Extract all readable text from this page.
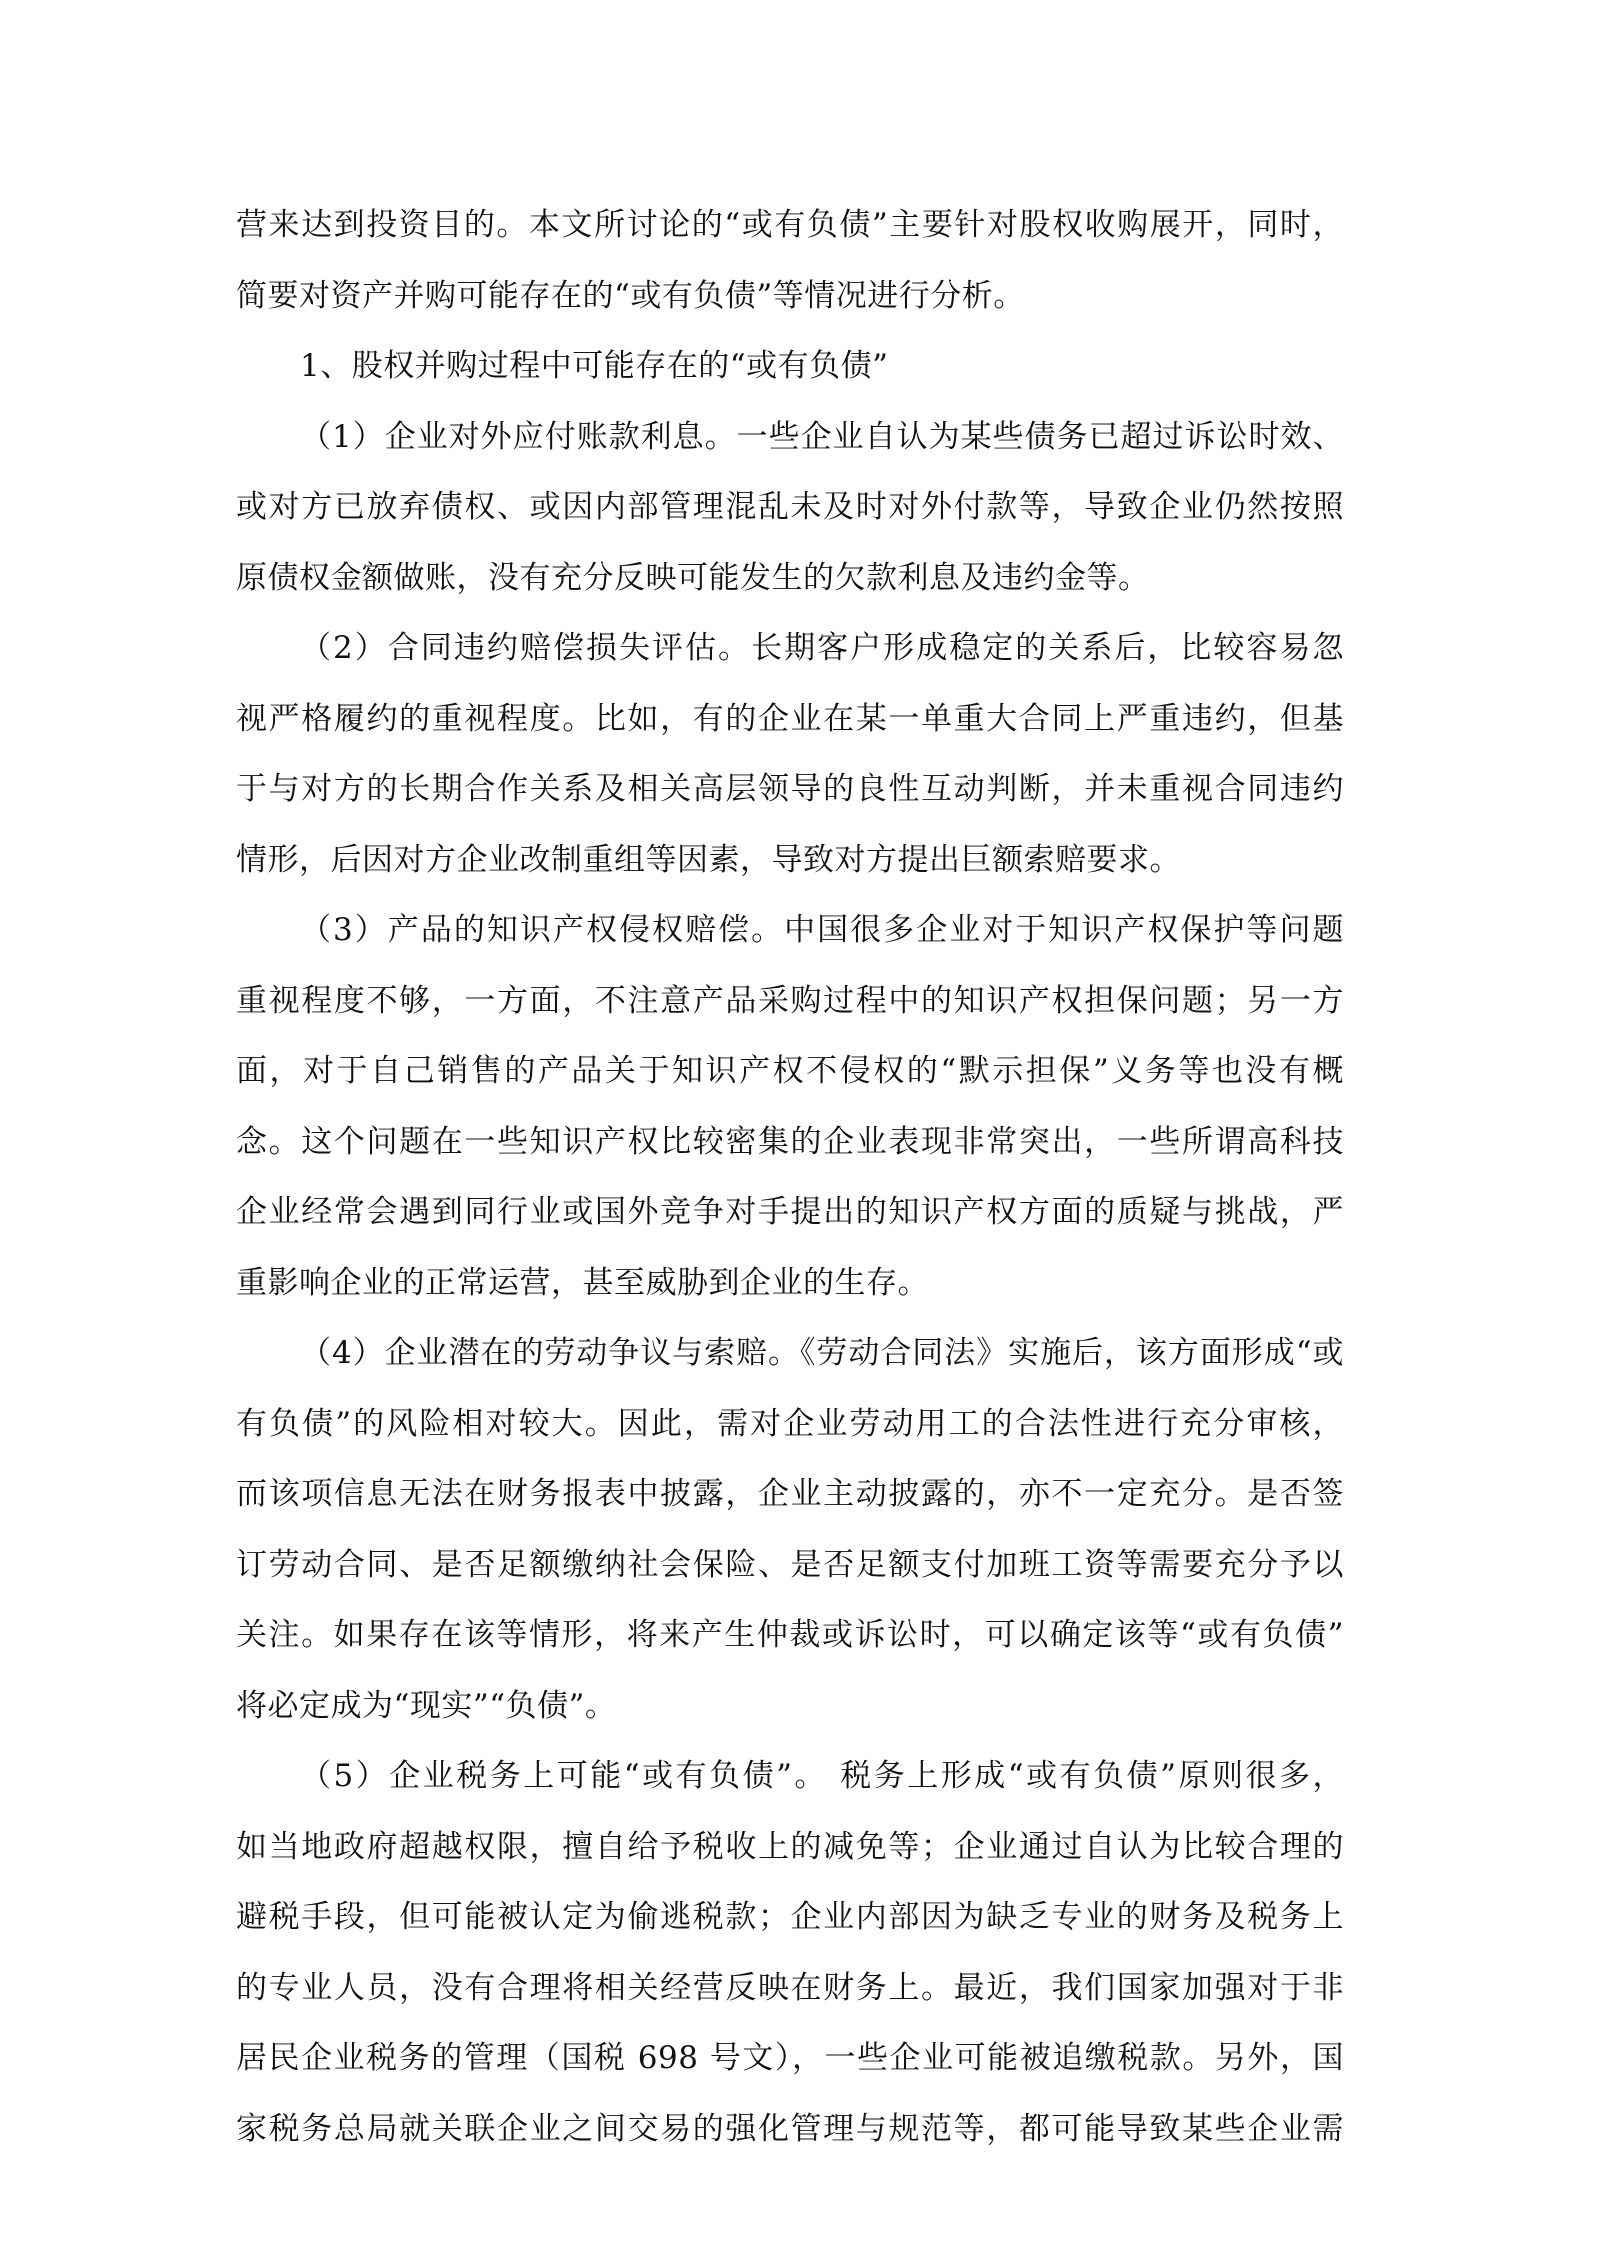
营来达到投资目的。本文所讨论的“或有负债”主要针对股权收购展开，同时，
简要对资产并购可能存在的“或有负债”等情况进行分析。
1、股权并购过程中可能存在的“或有负债”
（1）企业对外应付账款利息。一些企业自认为某些债务已超过诉讼时效、
或对方已放弃债权、或因内部管理混乱未及时对外付款等，导致企业仍然按照
原债权金额做账，没有充分反映可能发生的欠款利息及违约金等。
（2）合同违约赔偿损失评估。长期客户形成稳定的关系后，比较容易忽
视严格履约的重视程度。比如，有的企业在某一单重大合同上严重违约，但基
于与对方的长期合作关系及相关高层领导的良性互动判断，并未重视合同违约
情形，后因对方企业改制重组等因素，导致对方提出巨额索赔要求。
（3）产品的知识产权侵权赔偿。中国很多企业对于知识产权保护等问题
重视程度不够，一方面，不注意产品采购过程中的知识产权担保问题；另一方
面，对于自己销售的产品关于知识产权不侵权的“默示担保”义务等也没有概
念。这个问题在一些知识产权比较密集的企业表现非常突出，一些所谓高科技
企业经常会遇到同行业或国外竞争对手提出的知识产权方面的质疑与挑战，严
重影响企业的正常运营，甚至威胁到企业的生存。
（4）企业潜在的劳动争议与索赔。《劳动合同法》实施后，该方面形成“或
有负债”的风险相对较大。因此，需对企业劳动用工的合法性进行充分审核，
而该项信息无法在财务报表中披露，企业主动披露的，亦不一定充分。是否签
订劳动合同、是否足额缴纳社会保险、是否足额支付加班工资等需要充分予以
关注。如果存在该等情形，将来产生仲裁或诉讼时，可以确定该等“或有负债”
将必定成为“现实”“负债”。
（5）企业税务上可能“或有负债”。 税务上形成“或有负债”原则很多，
如当地政府超越权限，擅自给予税收上的减免等；企业通过自认为比较合理的
避税手段，但可能被认定为偷逃税款；企业内部因为缺乏专业的财务及税务上
的专业人员，没有合理将相关经营反映在财务上。最近，我们国家加强对于非
居民企业税务的管理（国税 698 号文），一些企业可能被追缴税款。另外，国
家税务总局就关联企业之间交易的强化管理与规范等，都可能导致某些企业需
